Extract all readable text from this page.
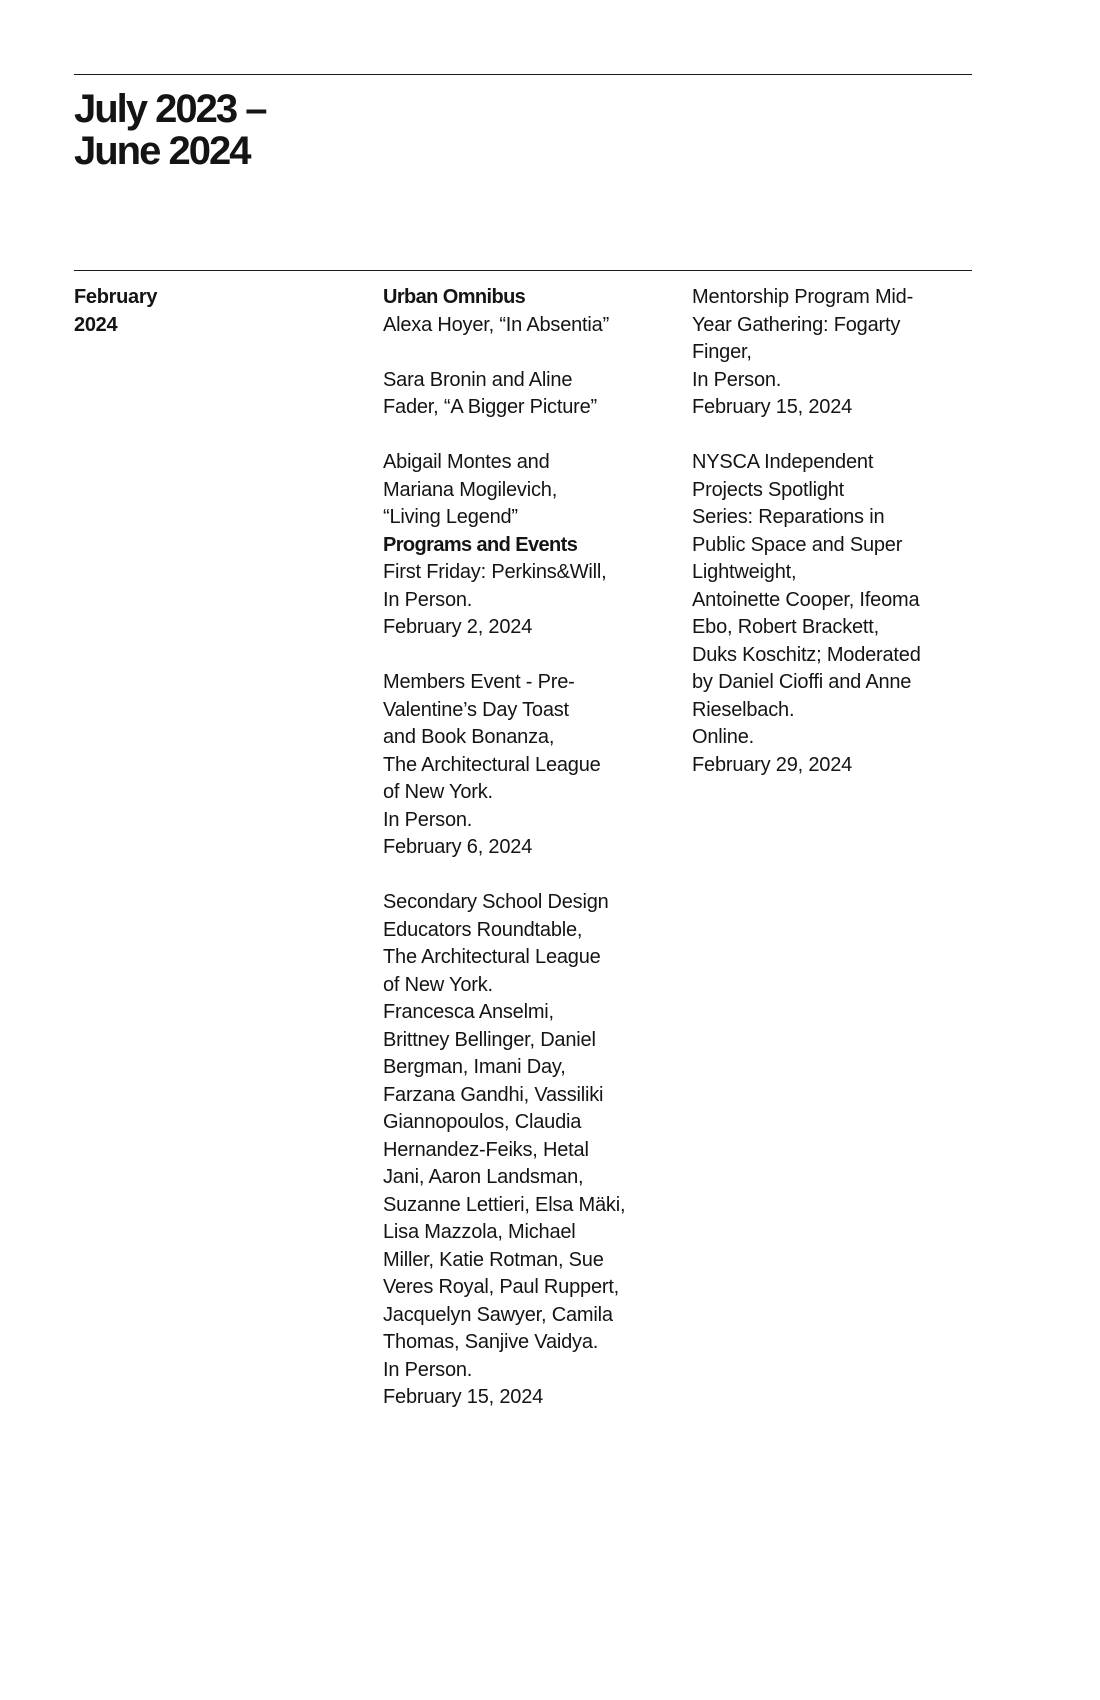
July 2023 –
June 2024
February
2024
Urban Omnibus
Alexa Hoyer, “In Absentia”
Sara Bronin and Aline
Fader, “A Bigger Picture”
Abigail Montes and
Mariana Mogilevich,
“Living Legend”
Programs and Events
First Friday: Perkins&Will,
In Person.
February 2, 2024
Members Event - Pre-
Valentine’s Day Toast
and Book Bonanza,
The Architectural League
of New York.
In Person.
February 6, 2024
Secondary School Design
Educators Roundtable,
The Architectural League
of New York.
Francesca Anselmi,
Brittney Bellinger, Daniel
Bergman, Imani Day,
Farzana Gandhi, Vassiliki
Giannopoulos, Claudia
Hernandez-Feiks, Hetal
Jani, Aaron Landsman,
Suzanne Lettieri, Elsa Mäki,
Lisa Mazzola, Michael
Miller, Katie Rotman, Sue
Veres Royal, Paul Ruppert,
Jacquelyn Sawyer, Camila
Thomas, Sanjive Vaidya.
In Person.
February 15, 2024
Mentorship Program Mid-
Year Gathering: Fogarty
Finger,
In Person.
February 15, 2024
NYSCA Independent
Projects Spotlight
Series: Reparations in
Public Space and Super
Lightweight,
Antoinette Cooper, Ifeoma
Ebo, Robert Brackett,
Duks Koschitz; Moderated
by Daniel Cioffi and Anne
Rieselbach.
Online.
February 29, 2024
